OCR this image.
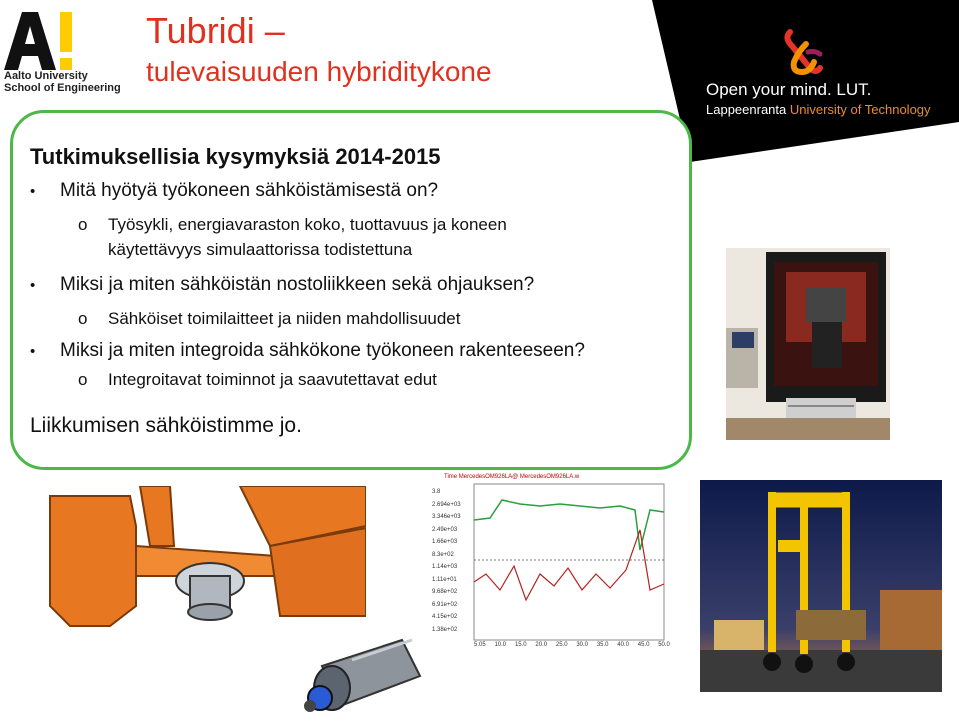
Open your mind. LUT.
Lappeenranta University of Technology
Aalto University
School of Engineering
Tubridi –
tulevaisuuden hybriditykone
Tutkimuksellisia kysymyksiä 2014-2015
• Mitä hyötyä työkoneen sähköistämisestä on?
o Työsykli, energiavaraston koko, tuottavuus ja koneen
käytettävyys simulaattorissa todistettuna
• Miksi ja miten sähköistän nostoliikkeen sekä ohjauksen?
o Sähköiset toimilaitteet ja niiden mahdollisuudet
• Miksi ja miten integroida sähkökone työkoneen rakenteeseen?
o Integroitavat toiminnot ja saavutettavat edut
Liikkumisen sähköistimme jo.
Time MercedesOM926LA@ MercedesOM926LA.w
3.8
2.694e+03
3.346e+03
2.49e+03
1.66e+03
8.3e+02
1.14e+03
1.11e+01
9.68e+02
6.91e+02
4.15e+02
1.38e+02
5.05 10.0 15.0 20.0 25.0 30.0 35.0 40.0 45.0 50.0
